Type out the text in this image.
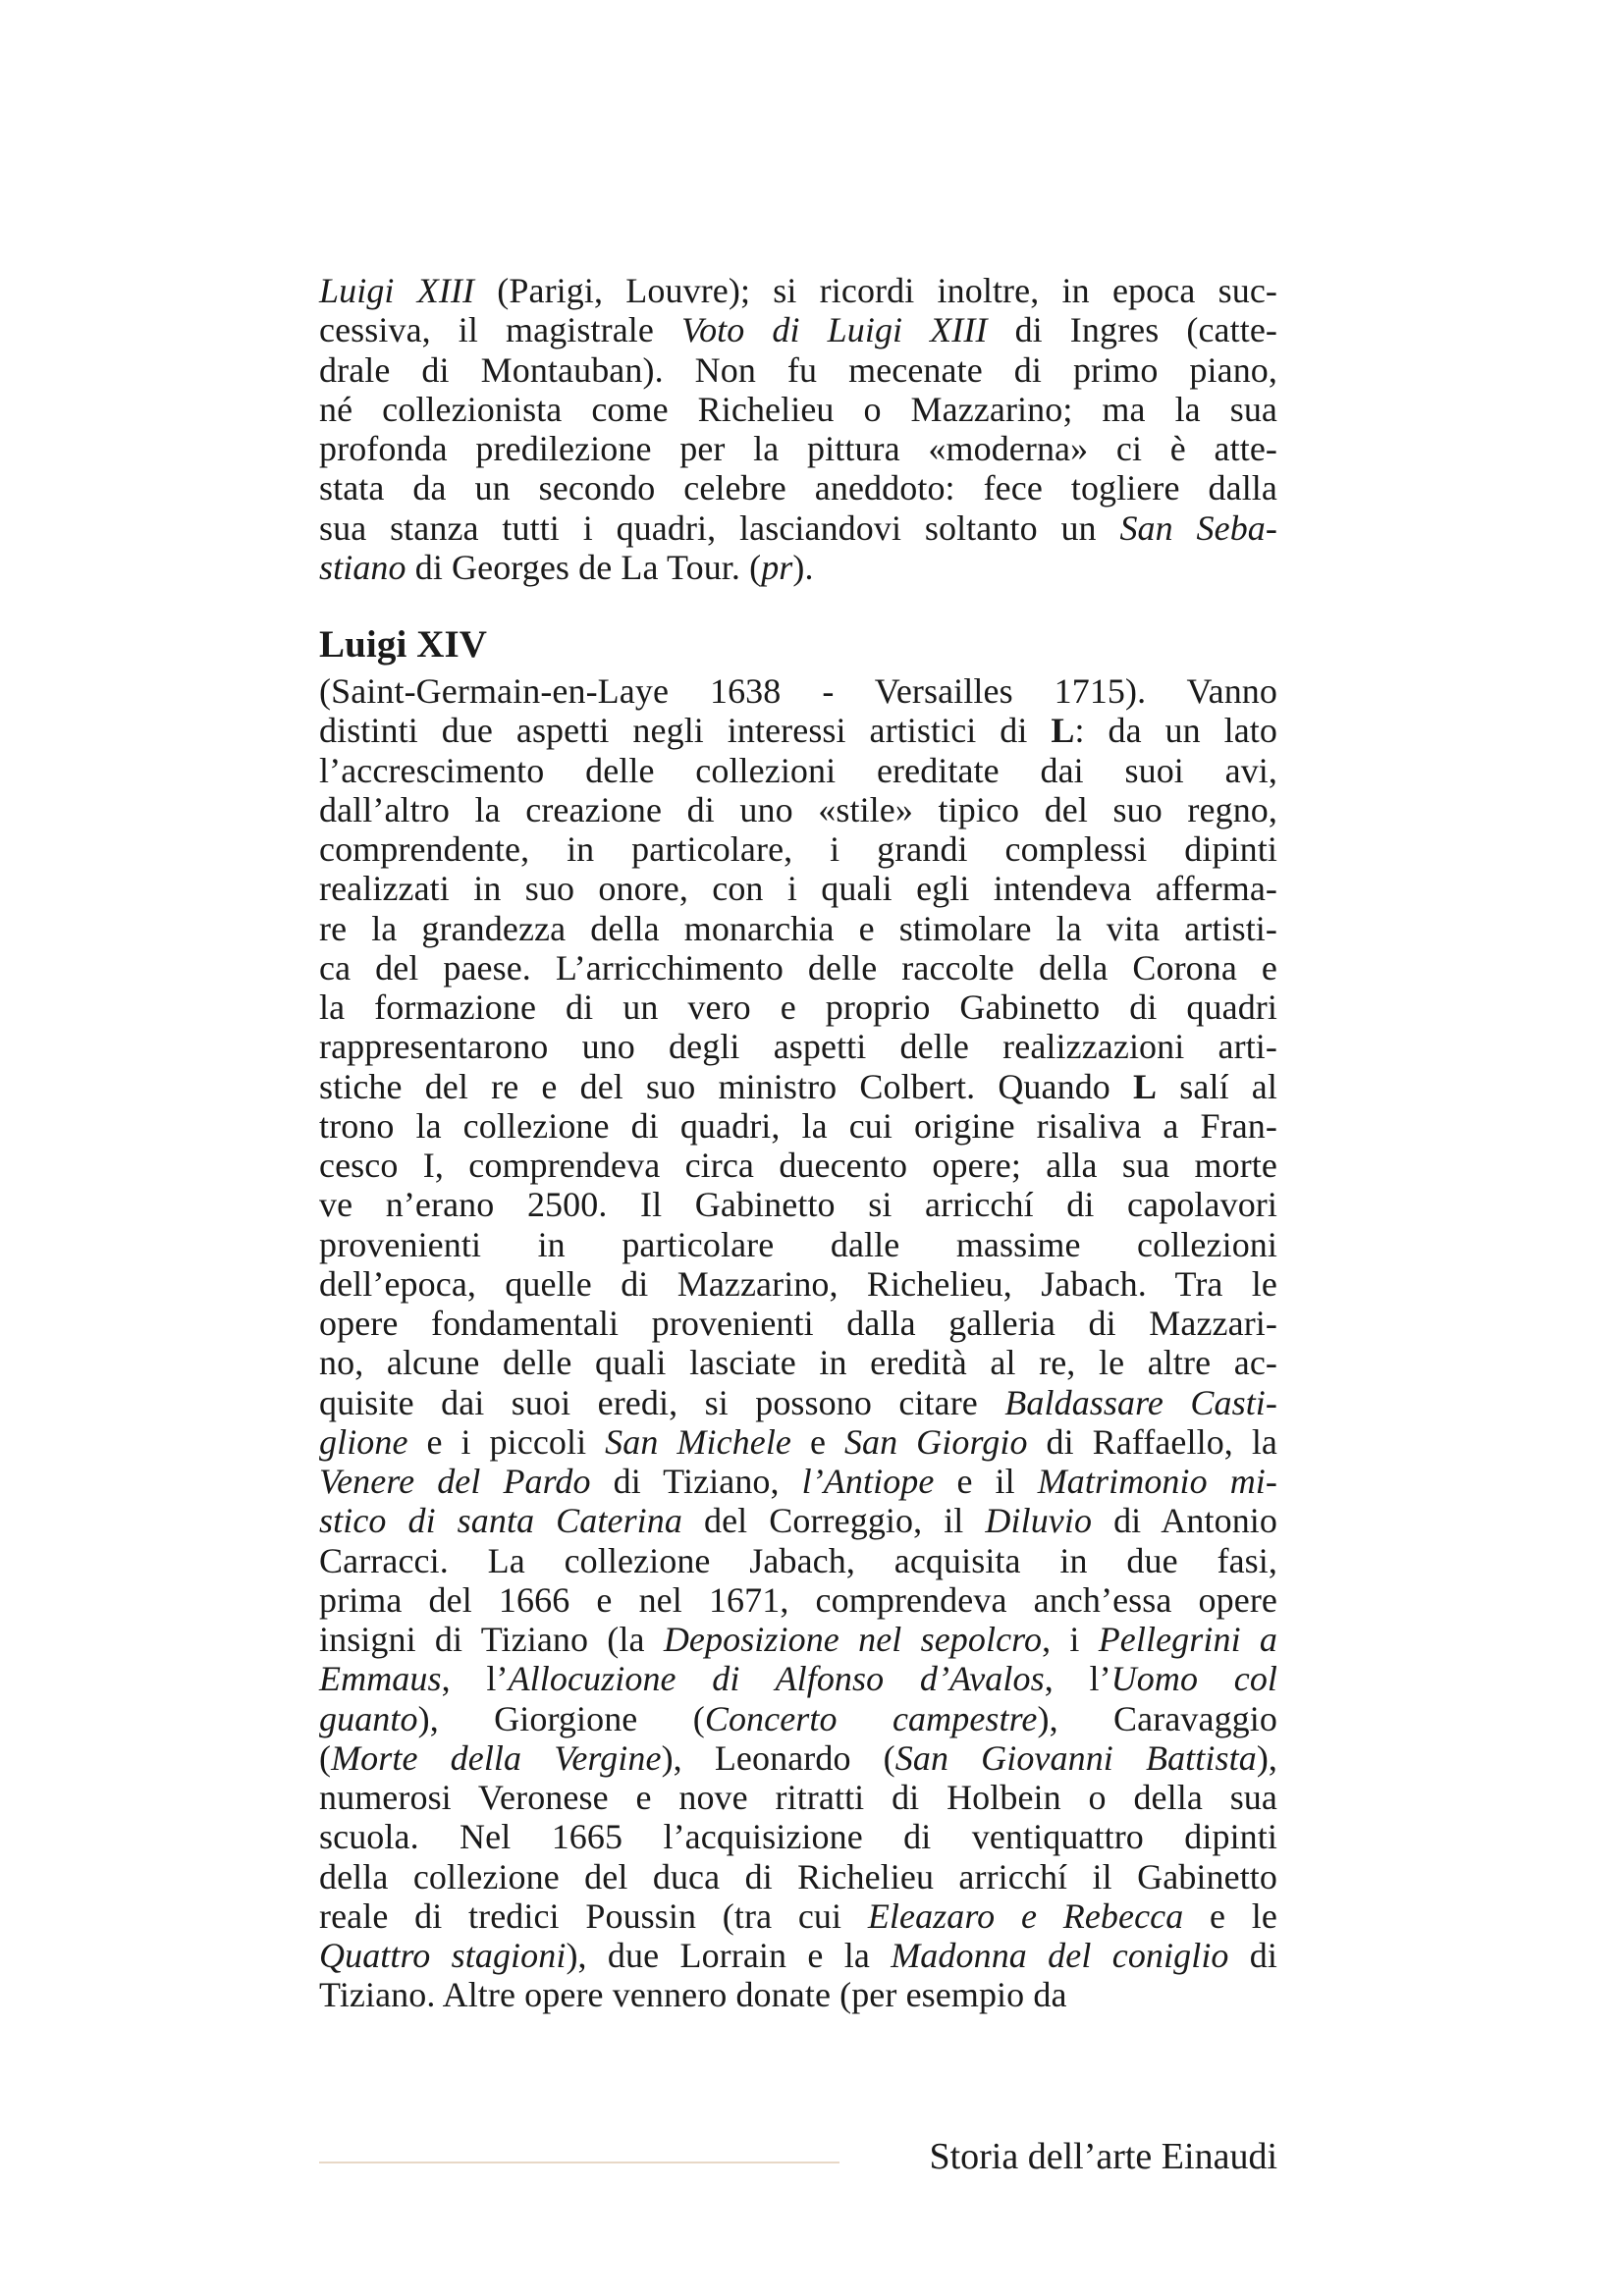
Luigi XIII (Parigi, Louvre); si ricordi inoltre, in epoca suc-
cessiva, il magistrale Voto di Luigi XIII di Ingres (catte-
drale di Montauban). Non fu mecenate di primo piano,
né collezionista come Richelieu o Mazzarino; ma la sua
profonda predilezione per la pittura «moderna» ci è atte-
stata da un secondo celebre aneddoto: fece togliere dalla
sua stanza tutti i quadri, lasciandovi soltanto un San Seba-
stiano di Georges de La Tour. (pr).
Luigi XIV
(Saint-Germain-en-Laye 1638 - Versailles 1715). Vanno
distinti due aspetti negli interessi artistici di L: da un lato
l’accrescimento delle collezioni ereditate dai suoi avi,
dall’altro la creazione di uno «stile» tipico del suo regno,
comprendente, in particolare, i grandi complessi dipinti
realizzati in suo onore, con i quali egli intendeva afferma-
re la grandezza della monarchia e stimolare la vita artisti-
ca del paese. L’arricchimento delle raccolte della Corona e
la formazione di un vero e proprio Gabinetto di quadri
rappresentarono uno degli aspetti delle realizzazioni arti-
stiche del re e del suo ministro Colbert. Quando L salí al
trono la collezione di quadri, la cui origine risaliva a Fran-
cesco I, comprendeva circa duecento opere; alla sua morte
ve n’erano 2500. Il Gabinetto si arricchí di capolavori
provenienti in particolare dalle massime collezioni
dell’epoca, quelle di Mazzarino, Richelieu, Jabach. Tra le
opere fondamentali provenienti dalla galleria di Mazzari-
no, alcune delle quali lasciate in eredità al re, le altre ac-
quisite dai suoi eredi, si possono citare Baldassare Casti-
glione e i piccoli San Michele e San Giorgio di Raffaello, la
Venere del Pardo di Tiziano, l’Antiope e il Matrimonio mi-
stico di santa Caterina del Correggio, il Diluvio di Antonio
Carracci. La collezione Jabach, acquisita in due fasi,
prima del 1666 e nel 1671, comprendeva anch’essa opere
insigni di Tiziano (la Deposizione nel sepolcro, i Pellegrini a
Emmaus, l’Allocuzione di Alfonso d’Avalos, l’Uomo col
guanto), Giorgione (Concerto campestre), Caravaggio
(Morte della Vergine), Leonardo (San Giovanni Battista),
numerosi Veronese e nove ritratti di Holbein o della sua
scuola. Nel 1665 l’acquisizione di ventiquattro dipinti
della collezione del duca di Richelieu arricchí il Gabinetto
reale di tredici Poussin (tra cui Eleazaro e Rebecca e le
Quattro stagioni), due Lorrain e la Madonna del coniglio di
Tiziano. Altre opere vennero donate (per esempio da
Storia dell’arte Einaudi
